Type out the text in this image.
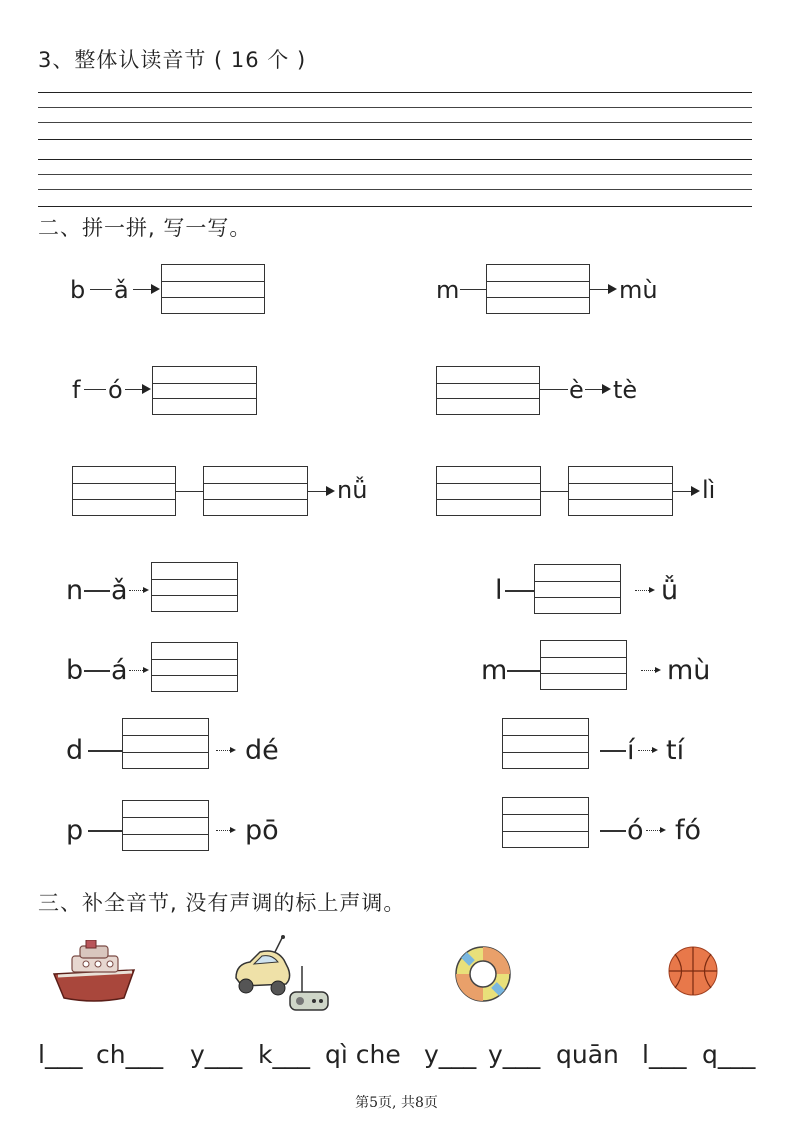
3、整体认读音节 ( 16 个 )
二、拼一拼, 写一写。
b ǎ	m	mù
f ó	è tè
nǚ	lì
n ǎ	l	ǚ
b á	m	mù
d	dé	í tí
p	pō	ó fó
三、补全音节, 没有声调的标上声调。
l___ ch___ y___ k___ qì che y___ y___ quān l___ q___
第5页, 共8页
